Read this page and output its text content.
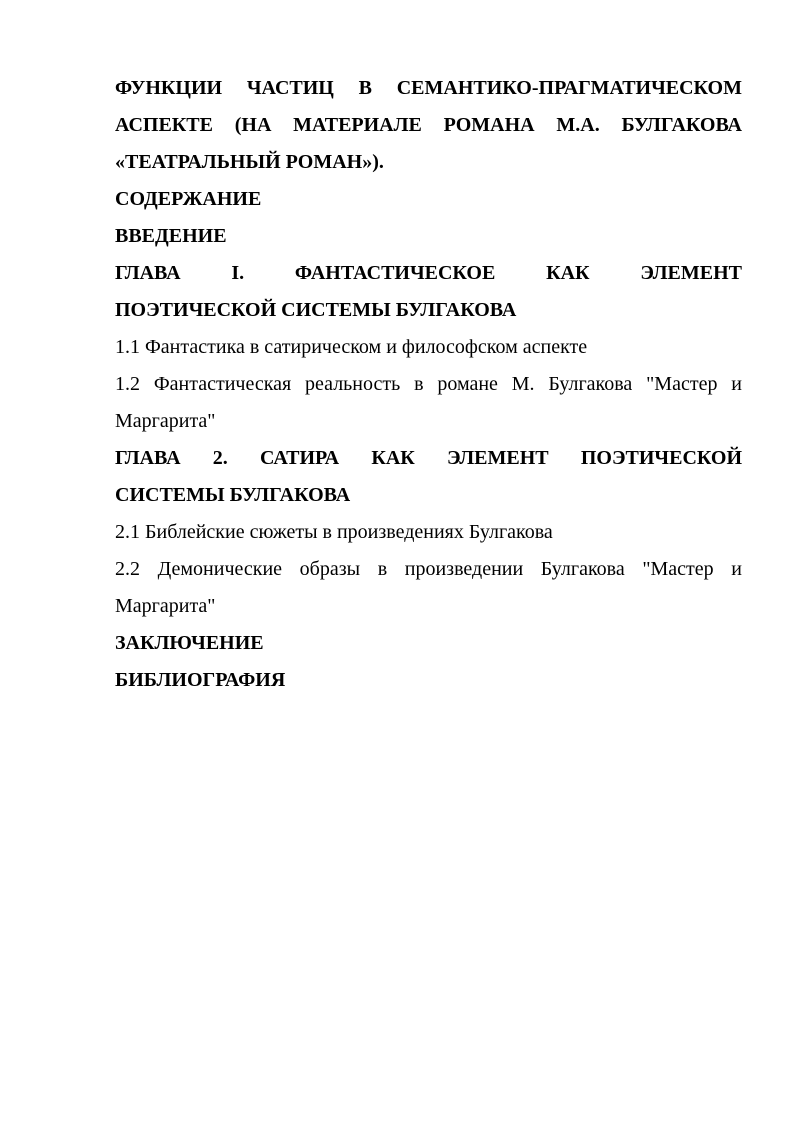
ФУНКЦИИ ЧАСТИЦ В СЕМАНТИКО-ПРАГМАТИЧЕСКОМ
АСПЕКТЕ (НА МАТЕРИАЛЕ РОМАНА М.А. БУЛГАКОВА
«ТЕАТРАЛЬНЫЙ РОМАН»).
СОДЕРЖАНИЕ
ВВЕДЕНИЕ
ГЛАВА I. ФАНТАСТИЧЕСКОЕ КАК ЭЛЕМЕНТ
ПОЭТИЧЕСКОЙ СИСТЕМЫ БУЛГАКОВА
1.1 Фантастика в сатирическом и философском аспекте
1.2 Фантастическая реальность в романе М. Булгакова "Мастер и
Маргарита"
ГЛАВА 2. САТИРА КАК ЭЛЕМЕНТ ПОЭТИЧЕСКОЙ
СИСТЕМЫ БУЛГАКОВА
2.1 Библейские сюжеты в произведениях Булгакова
2.2 Демонические образы в произведении Булгакова "Мастер и
Маргарита"
ЗАКЛЮЧЕНИЕ
БИБЛИОГРАФИЯ
